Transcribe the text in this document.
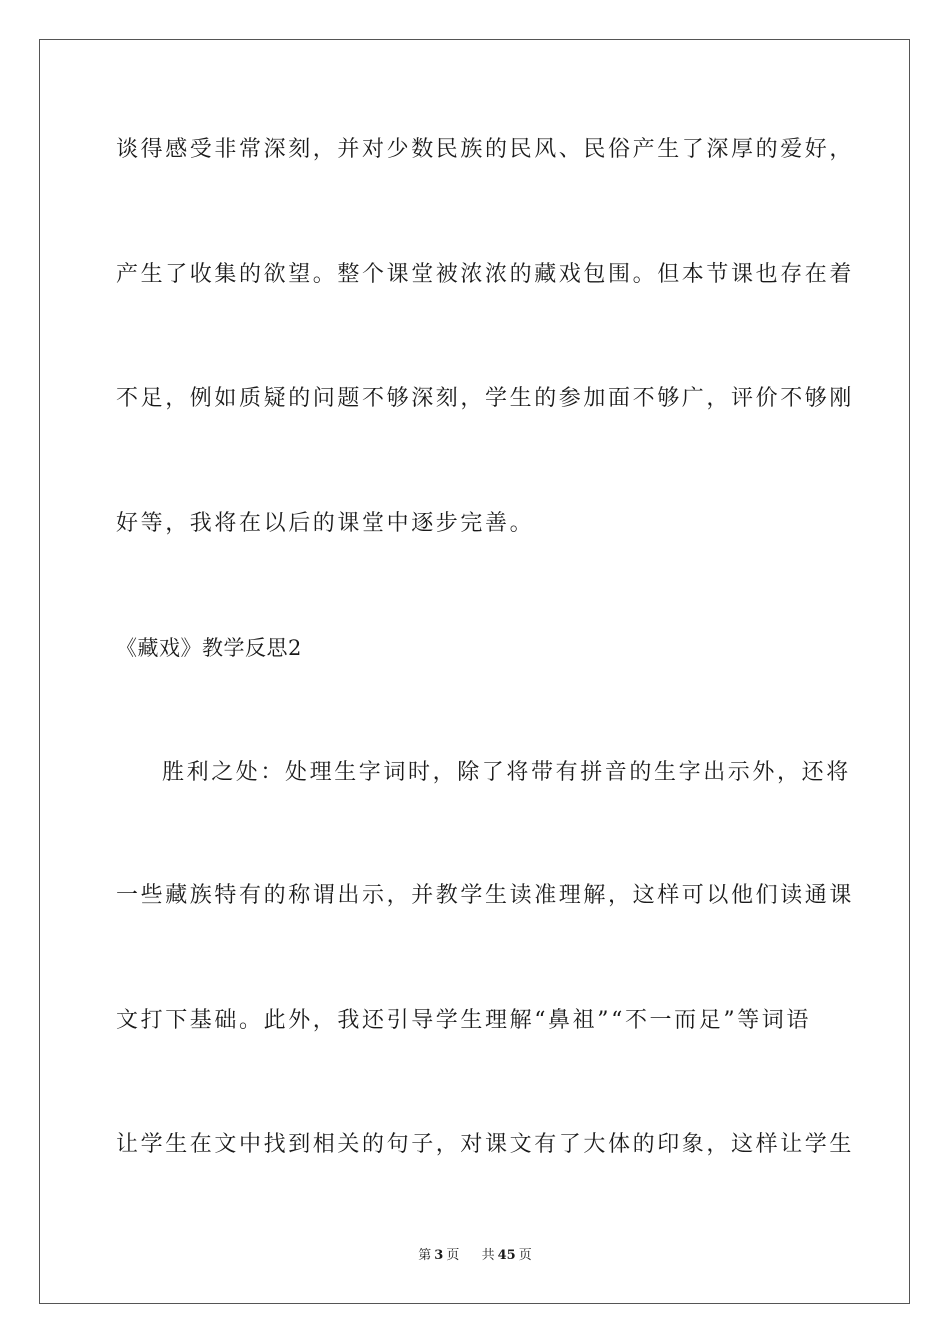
谈得感受非常深刻，并对少数民族的民风、民俗产生了深厚的爱好，

产生了收集的欲望。整个课堂被浓浓的藏戏包围。但本节课也存在着

不足，例如质疑的问题不够深刻，学生的参加面不够广，评价不够刚

好等，我将在以后的课堂中逐步完善。

《藏戏》教学反思2

胜利之处：处理生字词时，除了将带有拼音的生字出示外，还将

一些藏族特有的称谓出示，并教学生读准理解，这样可以他们读通课

文打下基础。此外，我还引导学生理解“鼻祖”“不一而足”等词语

让学生在文中找到相关的句子，对课文有了大体的印象，这样让学生

第 3 页 共 45 页
